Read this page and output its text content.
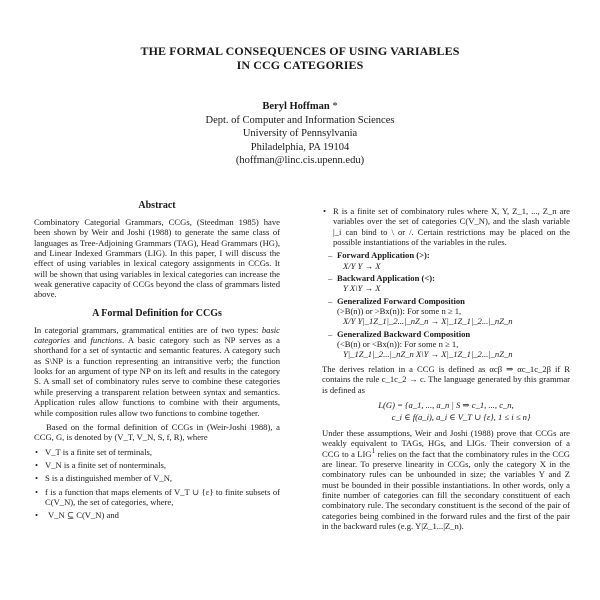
THE FORMAL CONSEQUENCES OF USING VARIABLES
IN CCG CATEGORIES
Beryl Hoffman *
Dept. of Computer and Information Sciences
University of Pennsylvania
Philadelphia, PA 19104
(hoffman@linc.cis.upenn.edu)
Abstract

Combinatory Categorial Grammars, CCGs, (Steedman 1985) have been shown by Weir and Joshi (1988) to generate the same class of languages as Tree-Adjoining Grammars (TAG), Head Grammars (HG), and Linear Indexed Grammars (LIG). In this paper, I will discuss the effect of using variables in lexical category assignments in CCGs. It will be shown that using variables in lexical categories can increase the weak generative capacity of CCGs beyond the class of grammars listed above.

A Formal Definition for CCGs

In categorial grammars, grammatical entities are of two types: basic categories and functions. A basic category such as NP serves as a shorthand for a set of syntactic and semantic features. A category such as S\NP is a function representing an intransitive verb; the function looks for an argument of type NP on its left and results in the category S. A small set of combinatory rules serve to combine these categories while preserving a transparent relation between syntax and semantics. Application rules allow functions to combine with their arguments, while composition rules allow two functions to combine together.

Based on the formal definition of CCGs in (Weir-Joshi 1988), a CCG, G, is denoted by (V_T, V_N, S, f, R), where

• V_T is a finite set of terminals,
• V_N is a finite set of nonterminals,
• S is a distinguished member of V_N,
• f is a function that maps elements of V_T ∪ {ε} to finite subsets of C(V_N), the set of categories, where,
• V_N ⊆ C(V_N) and
• R is a finite set of combinatory rules where X, Y, Z_1, ..., Z_n are variables over the set of categories C(V_N), and the slash variable |_i can bind to \ or /. Certain restrictions may be placed on the possible instantiations of the variables in the rules.
– Forward Application (>):
X/Y Y → X
– Backward Application (<):
Y X\Y → X
– Generalized Forward Composition
(>B(n)) or >Bx(n)): For some n ≥ 1,
X/Y Y|_1Z_1|_2...|_nZ_n → X|_1Z_1|_2...|_nZ_n
– Generalized Backward Composition
(<B(n) or <Bx(n)): For some n ≥ 1,
Y|_1Z_1|_2...|_nZ_n X\Y → X|_1Z_1|_2...|_nZ_n

The derives relation in a CCG is defined as αcβ ⇒ αc_1c_2β if R contains the rule c_1c_2 → c. The language generated by this grammar is defined as

L(G) = {a_1, ..., a_n | S ⇒ c_1, ..., c_n,
c_i ∈ f(a_i), a_i ∈ V_T ∪ {ε}, 1 ≤ i ≤ n}

Under these assumptions, Weir and Joshi (1988) prove that CCGs are weakly equivalent to TAGs, HGs, and LIGs. Their conversion of a CCG to a LIG$^1$ relies on the fact that the combinatory rules in the CCG are linear. To preserve linearity in CCGs, only the category X in the combinatory rules can be unbounded in size; the variables Y and Z must be bounded in their possible instantiations. In other words, only a finite number of categories can fill the secondary constituent of each combinatory rule. The secondary constituent is the second of the pair of categories being combined in the forward rules and the first of the pair in the backward rules (e.g. Y|Z_1...|Z_n).
